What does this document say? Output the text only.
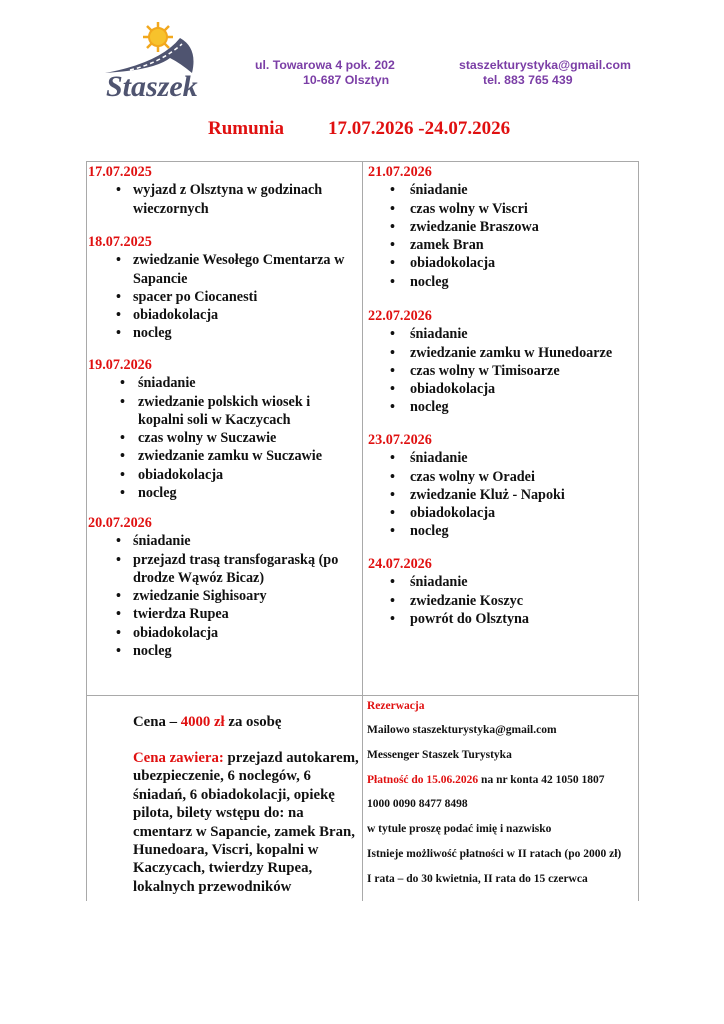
Staszek
ul. Towarowa 4 pok. 202
10-687 Olsztyn
staszekturystyka@gmail.com
tel. 883 765 439
Rumunia 17.07.2026 -24.07.2026
17.07.2025
• wyjazd z Olsztyna w godzinach wieczornych
18.07.2025
• zwiedzanie Wesołego Cmentarza w Sapancie
• spacer po Ciocanesti
• obiadokolacja
• nocleg
19.07.2026
• śniadanie
• zwiedzanie polskich wiosek i kopalni soli w Kaczycach
• czas wolny w Suczawie
• zwiedzanie zamku w Suczawie
• obiadokolacja
• nocleg
20.07.2026
• śniadanie
• przejazd trasą transfogaraską (po drodze Wąwóz Bicaz)
• zwiedzanie Sighisoary
• twierdza Rupea
• obiadokolacja
• nocleg
21.07.2026
• śniadanie
• czas wolny w Viscri
• zwiedzanie Braszowa
• zamek Bran
• obiadokolacja
• nocleg
22.07.2026
• śniadanie
• zwiedzanie zamku w Hunedoarze
• czas wolny w Timisoarze
• obiadokolacja
• nocleg
23.07.2026
• śniadanie
• czas wolny w Oradei
• zwiedzanie Kluż - Napoki
• obiadokolacja
• nocleg
24.07.2026
• śniadanie
• zwiedzanie Koszyc
• powrót do Olsztyna
Cena – 4000 zł za osobę
Cena zawiera: przejazd autokarem, ubezpieczenie, 6 noclegów, 6 śniadań, 6 obiadokolacji, opiekę pilota, bilety wstępu do: na cmentarz w Sapancie, zamek Bran, Hunedoara, Viscri, kopalni w Kaczycach, twierdzy Rupea, lokalnych przewodników
Rezerwacja
Mailowo staszekturystyka@gmail.com
Messenger Staszek Turystyka
Płatność do 15.06.2026 na nr konta 42 1050 1807
1000 0090 8477 8498
w tytule proszę podać imię i nazwisko
Istnieje możliwość płatności w II ratach (po 2000 zł)
I rata – do 30 kwietnia, II rata do 15 czerwca
